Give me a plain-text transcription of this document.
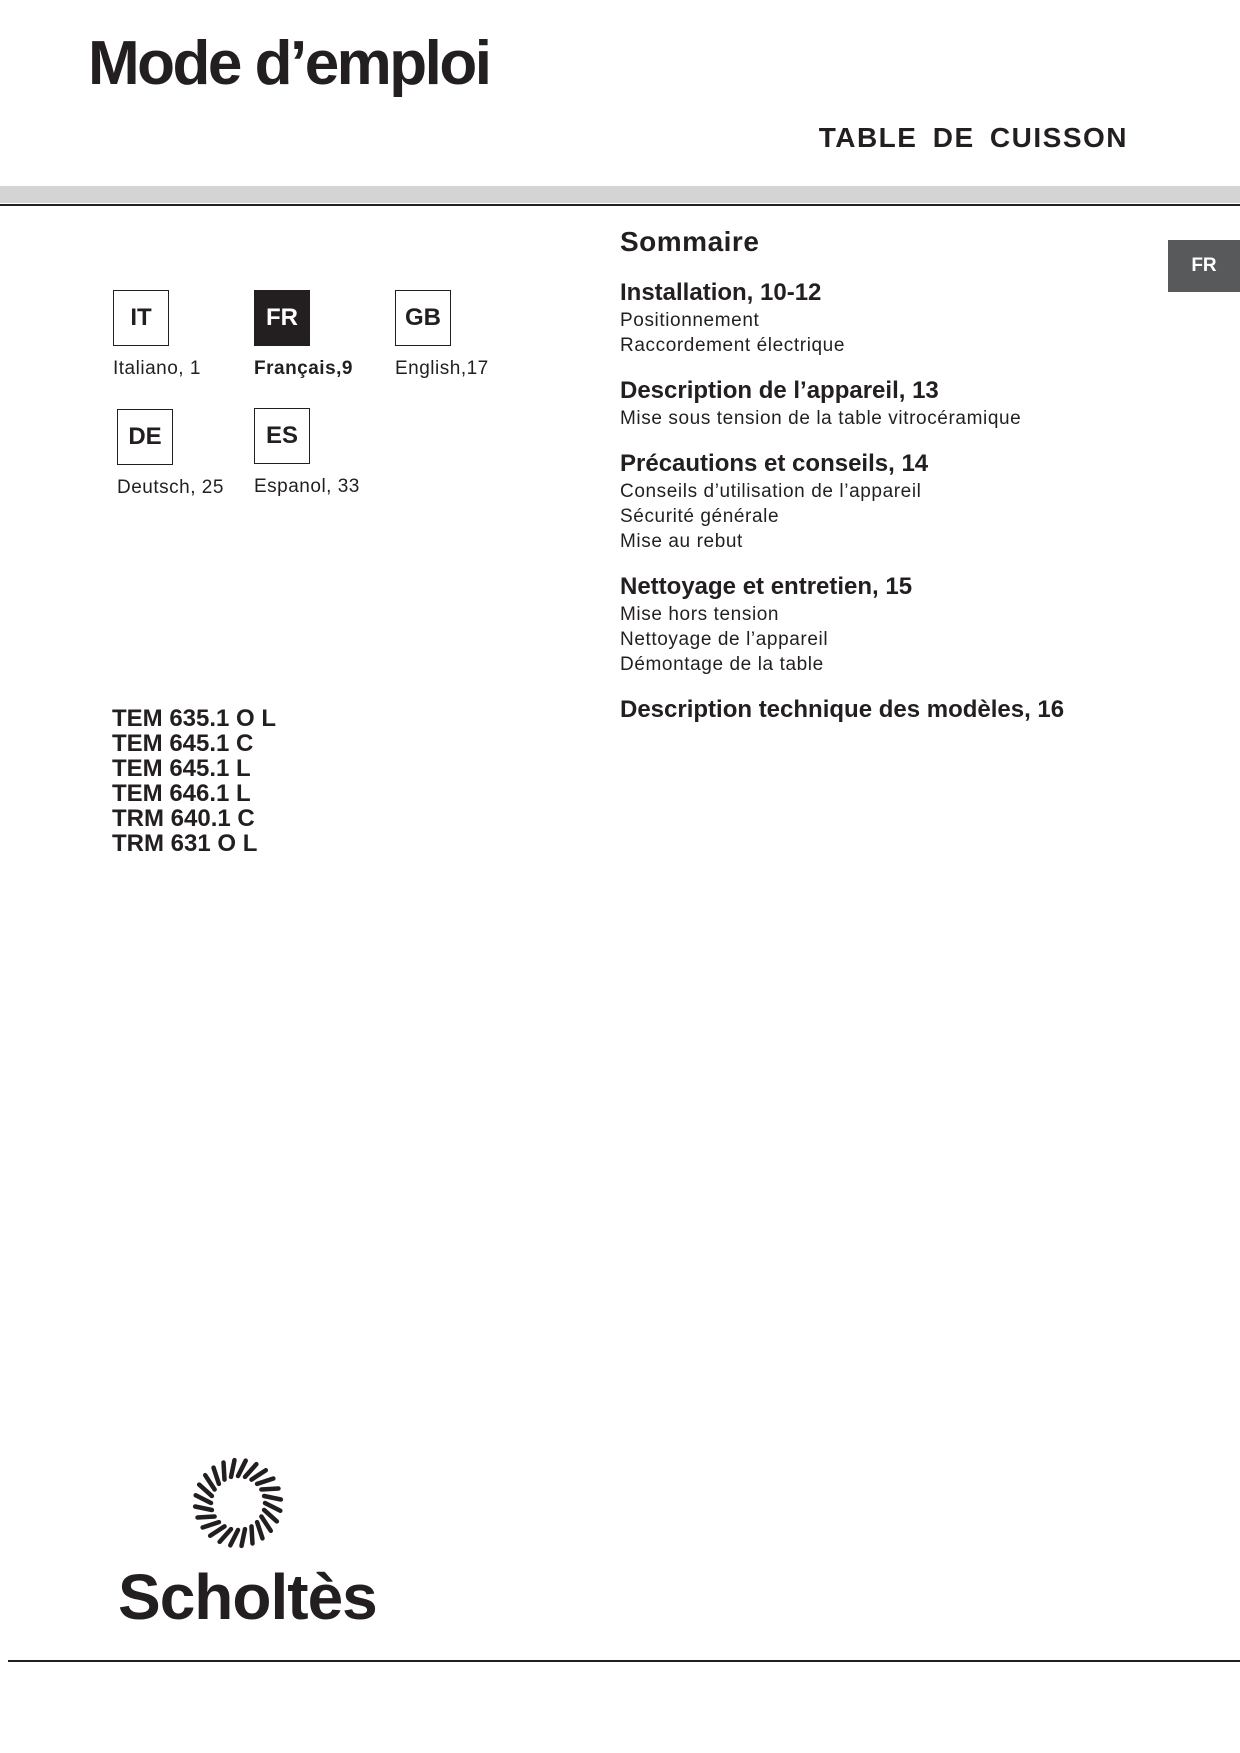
Mode d’emploi
TABLE DE CUISSON
FR
IT
Italiano, 1
FR
Français,9
GB
English,17
DE
Deutsch, 25
ES
Espanol, 33
TEM 635.1 O L
TEM 645.1 C
TEM 645.1 L
TEM 646.1 L
TRM 640.1 C
TRM 631 O L
Sommaire
Installation, 10-12
Positionnement
Raccordement électrique
Description de l’appareil, 13
Mise sous tension de la table vitrocéramique
Précautions et conseils, 14
Conseils d’utilisation de l’appareil
Sécurité générale
Mise au rebut
Nettoyage et entretien, 15
Mise hors tension
Nettoyage de l’appareil
Démontage de la table
Description technique des modèles, 16
Scholtès
